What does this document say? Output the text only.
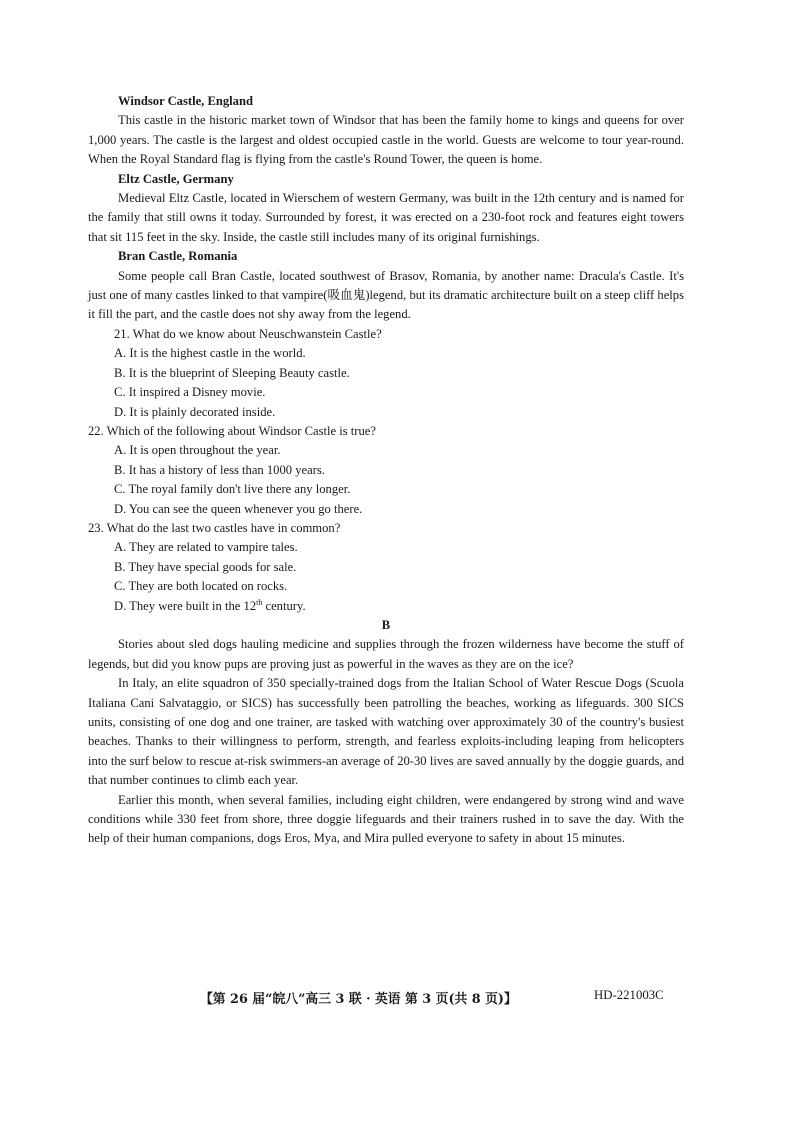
Windsor Castle, England

This castle in the historic market town of Windsor that has been the family home to kings and queens for over 1,000 years. The castle is the largest and oldest occupied castle in the world. Guests are welcome to tour year-round. When the Royal Standard flag is flying from the castle's Round Tower, the queen is home.

Eltz Castle, Germany

Medieval Eltz Castle, located in Wierschem of western Germany, was built in the 12th century and is named for the family that still owns it today. Surrounded by forest, it was erected on a 230-foot rock and features eight towers that sit 115 feet in the sky. Inside, the castle still includes many of its original furnishings.

Bran Castle, Romania

Some people call Bran Castle, located southwest of Brasov, Romania, by another name: Dracula's Castle. It's just one of many castles linked to that vampire(吸血鬼)legend, but its dramatic architecture built on a steep cliff helps it fill the part, and the castle does not shy away from the legend.

21. What do we know about Neuschwanstein Castle?

A. It is the highest castle in the world.

B. It is the blueprint of Sleeping Beauty castle.

C. It inspired a Disney movie.

D. It is plainly decorated inside.

22. Which of the following about Windsor Castle is true?

A. It is open throughout the year.

B. It has a history of less than 1000 years.

C. The royal family don't live there any longer.

D. You can see the queen whenever you go there.

23. What do the last two castles have in common?

A. They are related to vampire tales.

B. They have special goods for sale.

C. They are both located on rocks.

D. They were built in the 12th century.

B

Stories about sled dogs hauling medicine and supplies through the frozen wilderness have become the stuff of legends, but did you know pups are proving just as powerful in the waves as they are on the ice?

In Italy, an elite squadron of 350 specially-trained dogs from the Italian School of Water Rescue Dogs (Scuola Italiana Cani Salvataggio, or SICS) has successfully been patrolling the beaches, working as lifeguards. 300 SICS units, consisting of one dog and one trainer, are tasked with watching over approximately 30 of the country's busiest beaches. Thanks to their willingness to perform, strength, and fearless exploits-including leaping from helicopters into the surf below to rescue at-risk swimmers-an average of 20-30 lives are saved annually by the doggie guards, and that number continues to climb each year.

Earlier this month, when several families, including eight children, were endangered by strong wind and wave conditions while 330 feet from shore, three doggie lifeguards and their trainers rushed in to save the day. With the help of their human companions, dogs Eros, Mya, and Mira pulled everyone to safety in about 15 minutes.

【第 26 届“皖八”高三 3 联 · 英语 第 3 页(共 8 页)】	HD-221003C
